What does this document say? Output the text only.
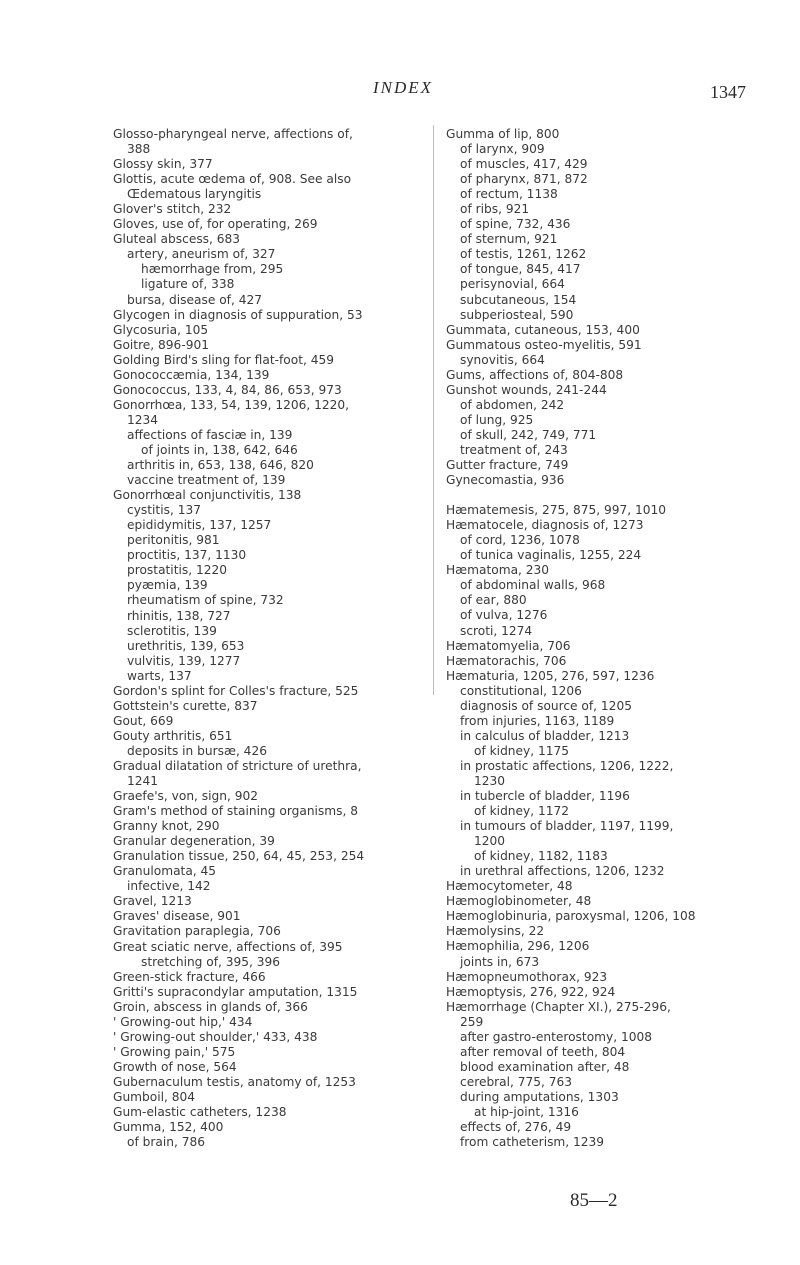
INDEX	1347
Glosso-pharyngeal nerve, affections of,
388
Glossy skin, 377
Glottis, acute œdema of, 908. See also
Œdematous laryngitis
Glover's stitch, 232
Gloves, use of, for operating, 269
Gluteal abscess, 683
artery, aneurism of, 327
hæmorrhage from, 295
ligature of, 338
bursa, disease of, 427
Glycogen in diagnosis of suppuration, 53
Glycosuria, 105
Goitre, 896-901
Golding Bird's sling for flat-foot, 459
Gonococcæmia, 134, 139
Gonococcus, 133, 4, 84, 86, 653, 973
Gonorrhœa, 133, 54, 139, 1206, 1220,
1234
affections of fasciæ in, 139
of joints in, 138, 642, 646
arthritis in, 653, 138, 646, 820
vaccine treatment of, 139
Gonorrhœal conjunctivitis, 138
cystitis, 137
epididymitis, 137, 1257
peritonitis, 981
proctitis, 137, 1130
prostatitis, 1220
pyæmia, 139
rheumatism of spine, 732
rhinitis, 138, 727
sclerotitis, 139
urethritis, 139, 653
vulvitis, 139, 1277
warts, 137
Gordon's splint for Colles's fracture, 525
Gottstein's curette, 837
Gout, 669
Gouty arthritis, 651
deposits in bursæ, 426
Gradual dilatation of stricture of urethra,
1241
Graefe's, von, sign, 902
Gram's method of staining organisms, 8
Granny knot, 290
Granular degeneration, 39
Granulation tissue, 250, 64, 45, 253, 254
Granulomata, 45
infective, 142
Gravel, 1213
Graves' disease, 901
Gravitation paraplegia, 706
Great sciatic nerve, affections of, 395
stretching of, 395, 396
Green-stick fracture, 466
Gritti's supracondylar amputation, 1315
Groin, abscess in glands of, 366
' Growing-out hip,' 434
' Growing-out shoulder,' 433, 438
' Growing pain,' 575
Growth of nose, 564
Gubernaculum testis, anatomy of, 1253
Gumboil, 804
Gum-elastic catheters, 1238
Gumma, 152, 400
of brain, 786
Gumma of lip, 800
of larynx, 909
of muscles, 417, 429
of pharynx, 871, 872
of rectum, 1138
of ribs, 921
of spine, 732, 436
of sternum, 921
of testis, 1261, 1262
of tongue, 845, 417
perisynovial, 664
subcutaneous, 154
subperiosteal, 590
Gummata, cutaneous, 153, 400
Gummatous osteo-myelitis, 591
synovitis, 664
Gums, affections of, 804-808
Gunshot wounds, 241-244
of abdomen, 242
of lung, 925
of skull, 242, 749, 771
treatment of, 243
Gutter fracture, 749
Gynecomastia, 936
Hæmatemesis, 275, 875, 997, 1010
Hæmatocele, diagnosis of, 1273
of cord, 1236, 1078
of tunica vaginalis, 1255, 224
Hæmatoma, 230
of abdominal walls, 968
of ear, 880
of vulva, 1276
scroti, 1274
Hæmatomyelia, 706
Hæmatorachis, 706
Hæmaturia, 1205, 276, 597, 1236
constitutional, 1206
diagnosis of source of, 1205
from injuries, 1163, 1189
in calculus of bladder, 1213
of kidney, 1175
in prostatic affections, 1206, 1222,
1230
in tubercle of bladder, 1196
of kidney, 1172
in tumours of bladder, 1197, 1199,
1200
of kidney, 1182, 1183
in urethral affections, 1206, 1232
Hæmocytometer, 48
Hæmoglobinometer, 48
Hæmoglobinuria, paroxysmal, 1206, 108
Hæmolysins, 22
Hæmophilia, 296, 1206
joints in, 673
Hæmopneumothorax, 923
Hæmoptysis, 276, 922, 924
Hæmorrhage (Chapter XI.), 275-296,
259
after gastro-enterostomy, 1008
after removal of teeth, 804
blood examination after, 48
cerebral, 775, 763
during amputations, 1303
at hip-joint, 1316
effects of, 276, 49
from catheterism, 1239
85—2
